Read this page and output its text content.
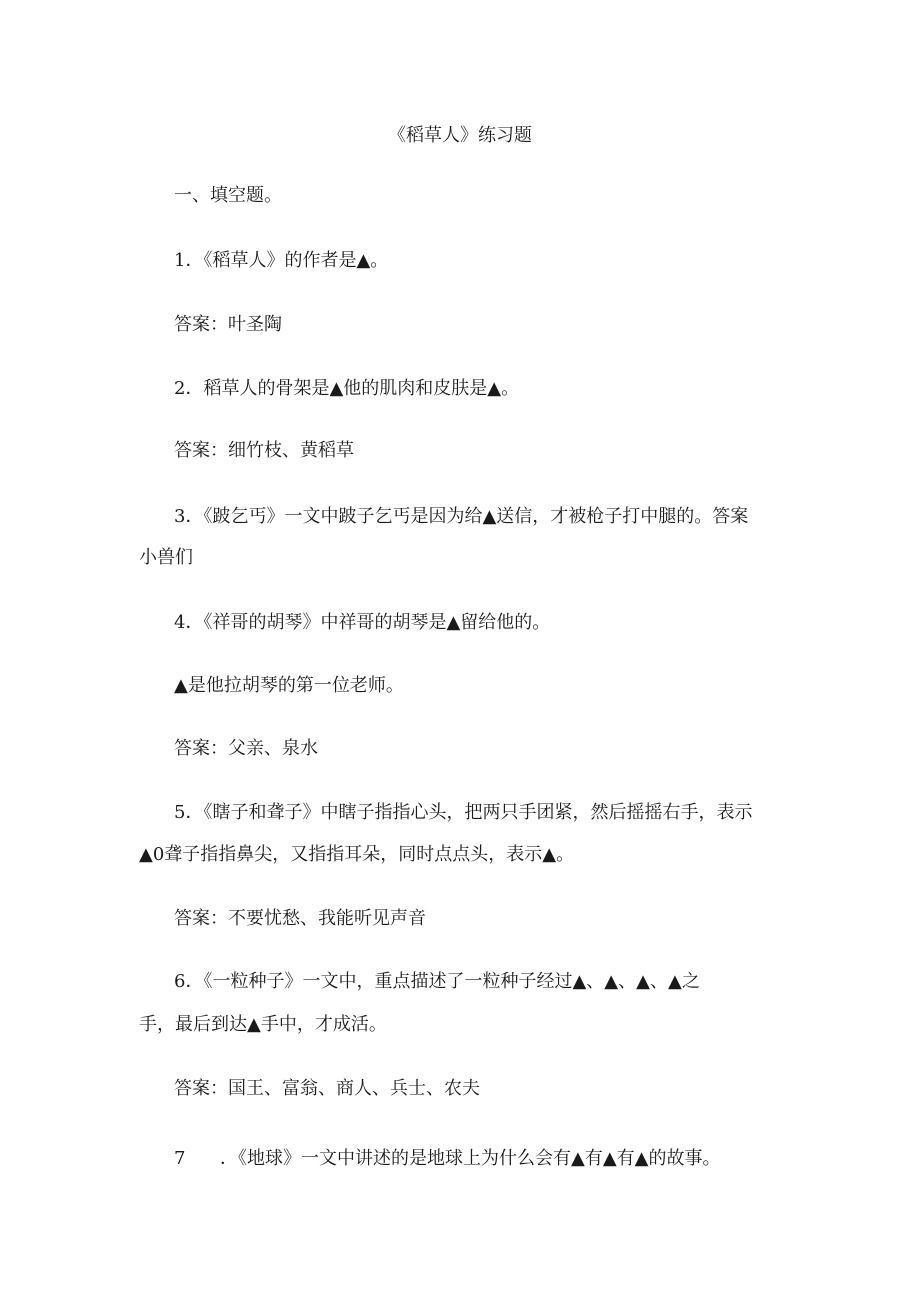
《稻草人》练习题
一、填空题。
1．《稻草人》的作者是▲。
答案：叶圣陶
2．稻草人的骨架是▲他的肌肉和皮肤是▲。
答案：细竹枝、黄稻草
3．《跛乞丐》一文中跛子乞丐是因为给▲送信，才被枪子打中腿的。答案
小兽们
4．《祥哥的胡琴》中祥哥的胡琴是▲留给他的。
▲是他拉胡琴的第一位老师。
答案：父亲、泉水
5．《瞎子和聋子》中瞎子指指心头，把两只手团紧，然后摇摇右手，表示
▲0聋子指指鼻尖，又指指耳朵，同时点点头，表示▲。
答案：不要忧愁、我能听见声音
6．《一粒种子》一文中，重点描述了一粒种子经过▲、▲、▲、▲之
手，最后到达▲手中，才成活。
答案：国王、富翁、商人、兵士、农夫
7 ．《地球》一文中讲述的是地球上为什么会有▲有▲有▲的故事。
